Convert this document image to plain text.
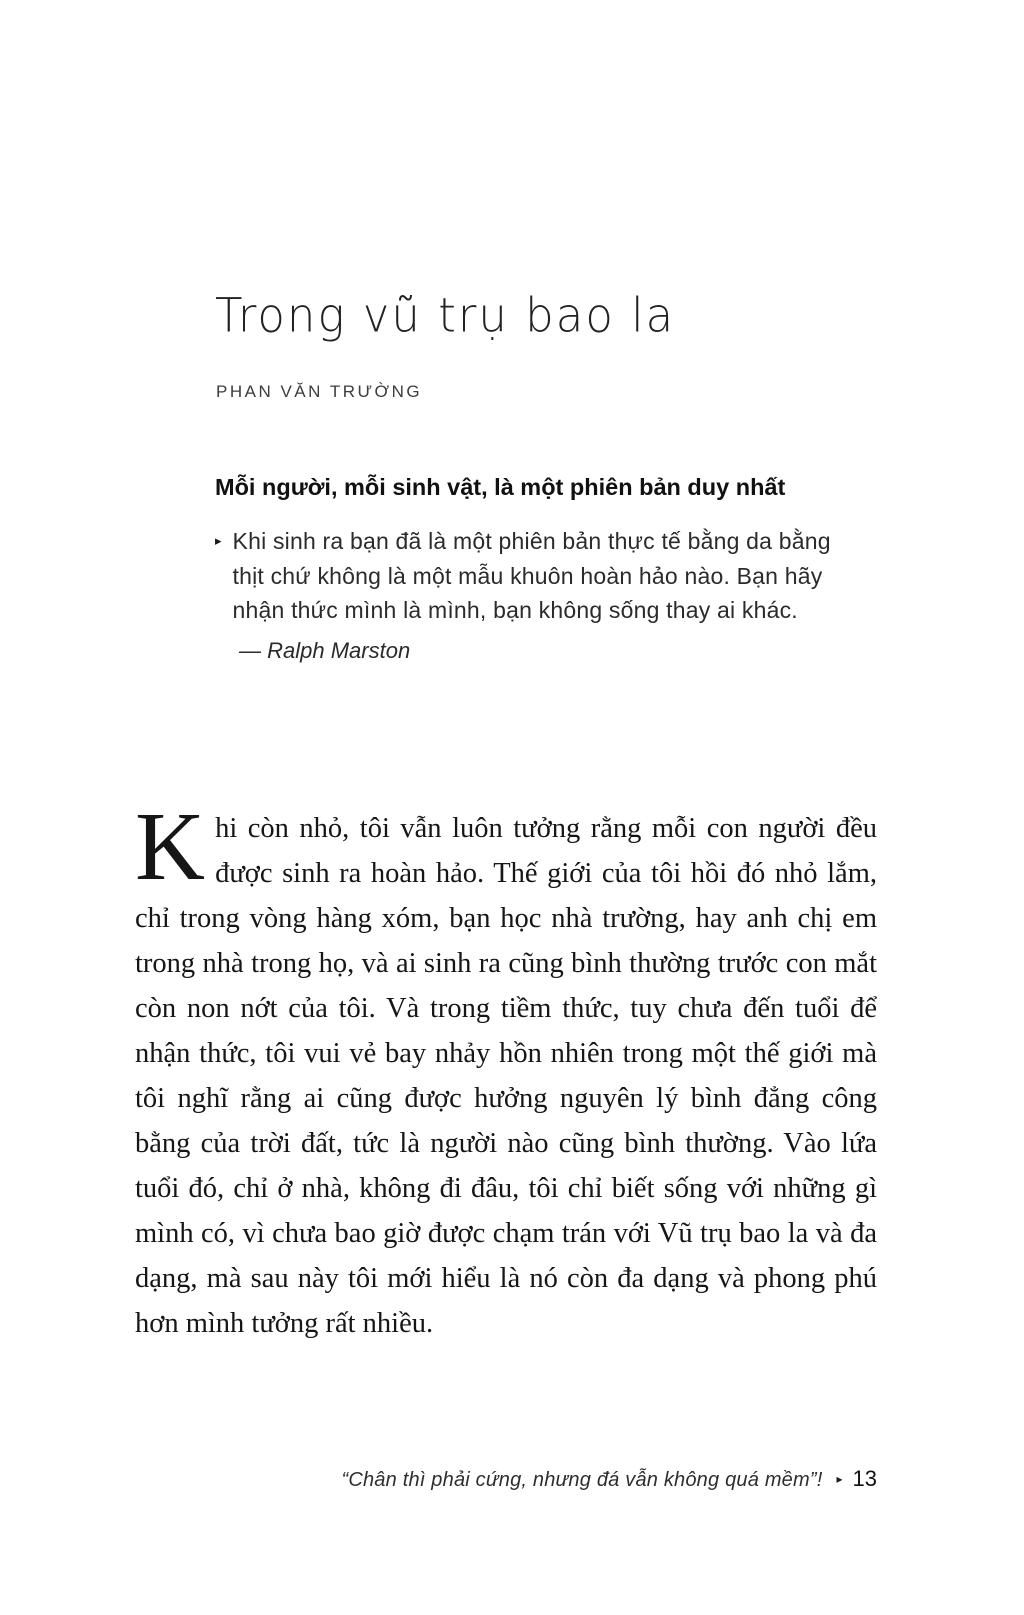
Trong vũ trụ bao la
PHAN VĂN TRƯỜNG
Mỗi người, mỗi sinh vật, là một phiên bản duy nhất
▸ Khi sinh ra bạn đã là một phiên bản thực tế bằng da bằng thịt chứ không là một mẫu khuôn hoàn hảo nào. Bạn hãy nhận thức mình là mình, bạn không sống thay ai khác.
— Ralph Marston

Khi còn nhỏ, tôi vẫn luôn tưởng rằng mỗi con người đều được sinh ra hoàn hảo. Thế giới của tôi hồi đó nhỏ lắm, chỉ trong vòng hàng xóm, bạn học nhà trường, hay anh chị em trong nhà trong họ, và ai sinh ra cũng bình thường trước con mắt còn non nớt của tôi. Và trong tiềm thức, tuy chưa đến tuổi để nhận thức, tôi vui vẻ bay nhảy hồn nhiên trong một thế giới mà tôi nghĩ rằng ai cũng được hưởng nguyên lý bình đẳng công bằng của trời đất, tức là người nào cũng bình thường. Vào lứa tuổi đó, chỉ ở nhà, không đi đâu, tôi chỉ biết sống với những gì mình có, vì chưa bao giờ được chạm trán với Vũ trụ bao la và đa dạng, mà sau này tôi mới hiểu là nó còn đa dạng và phong phú hơn mình tưởng rất nhiều.

“Chân thì phải cứng, nhưng đá vẫn không quá mềm”! ▸ 13
